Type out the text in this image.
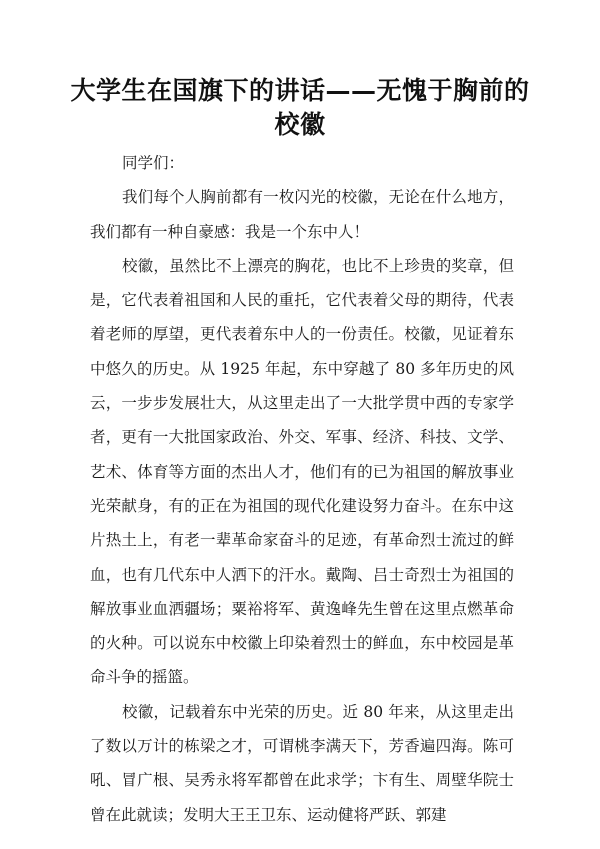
大学生在国旗下的讲话——无愧于胸前的校徽

同学们：

我们每个人胸前都有一枚闪光的校徽，无论在什么地方，我们都有一种自豪感：我是一个东中人！

校徽，虽然比不上漂亮的胸花，也比不上珍贵的奖章，但是，它代表着祖国和人民的重托，它代表着父母的期待，代表着老师的厚望，更代表着东中人的一份责任。校徽，见证着东中悠久的历史。从 1925 年起，东中穿越了 80 多年历史的风云，一步步发展壮大，从这里走出了一大批学贯中西的专家学者，更有一大批国家政治、外交、军事、经济、科技、文学、艺术、体育等方面的杰出人才，他们有的已为祖国的解放事业光荣献身，有的正在为祖国的现代化建设努力奋斗。在东中这片热土上，有老一辈革命家奋斗的足迹，有革命烈士流过的鲜血，也有几代东中人洒下的汗水。戴陶、吕士奇烈士为祖国的解放事业血洒疆场；粟裕将军、黄逸峰先生曾在这里点燃革命的火种。可以说东中校徽上印染着烈士的鲜血，东中校园是革命斗争的摇篮。

校徽，记载着东中光荣的历史。近 80 年来，从这里走出了数以万计的栋梁之才，可谓桃李满天下，芳香遍四海。陈可吼、冒广根、吴秀永将军都曾在此求学；卞有生、周壁华院士曾在此就读；发明大王王卫东、运动健将严跃、郭建
